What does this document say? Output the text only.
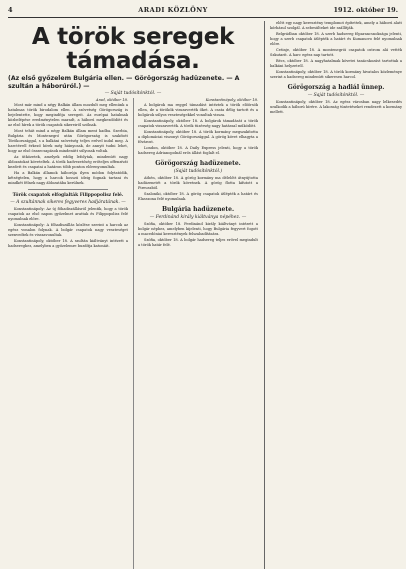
4	ARADI KÖZLÖNY	1912. október 19.
A török seregek támadása.
(Az első győzelem Bulgária ellen. — Görögország hadüzenete. — A szultán a háborúról.) —
— Saját tudósítónktól. —
Arad, október 18.

Most már mind a négy Balkán állam mozdult meg ellenünk a hatalmas török birodalom ellen. A szövetség Görögország is bejelentette, hogy megindítja seregeit. Az európai hatalmak közbelépése eredménytelen maradt, a háború megkezdődött és az első hírek a török csapatok sikereiről szólnak.

Most tehát mind a négy Balkán állam ment hadba. Szerbia, Bulgária és Montenegró után Görögország is szakított Törökországgal, s a balkáni szövetség teljes erővel indul meg. A harctérről érkező hírek még hiányosak, de annyit tudni lehet, hogy az első összecsapások mindenütt súlyosak voltak.

Az ütközetek, amelyek eddig lefolytak, mindenütt nagy áldozatokat követeltek. A török hadvezetőség erőteljes offenzívát kezdett és csapatai a határon több ponton előrenyomultak.

Ha a Balkán államok háborúja ilyen módon folytatódik, kétségtelen, hogy a harcok hosszú ideig fognak tartani és mindkét félnek nagy áldozatába kerülnek.

Török csapatok elfoglalták Filippopolisz felé.
— A szultánnak sikeres fegyveres hadjáratának. —

Konstantinápoly: Az új főhadiszállásról jelentik, hogy a török csapatok az első napon győzelmet arattak és Filippopolisz felé nyomulnak előre.

Konstantinápoly: A főhadiszállás közlése szerint a harcok az egész vonalon folynak. A bolgár csapatok nagy veszteséget szenvedtek és visszavonultak.

Konstantinápoly, október 18. A szultán kiáltványt intézett a hadsereghez, amelyben a győzelemre buzdítja katonáit.

Konstantinápoly, október 18.

A bolgárok ma reggel támadást intéztek a török előőrsök ellen, de a törökök visszaverték őket. A csata délig tartott és a bolgárok súlyos veszteségekkel vonultak vissza.

Konstantinápoly, október 18. A bolgárok támadását a török csapatok visszaverték. A török tüzérség nagy hatással működött.

Konstantinápoly, október 18. A török kormány megszakította a diplomáciai viszonyt Görögországgal. A görög követ elhagyta a fővárost.

London, október 18. A Daily Express jelenti, hogy a török hadsereg Adrianopolnál erős állást foglalt el.

Görögország hadüzenete.
(Saját tudósítónktól.)

Athén, október 18. A görög kormány ma délelőtt átnyújtotta hadüzenetét a török követnek. A görög flotta kifutott a Pireuszból.

Szaloniki, október 18. A görög csapatok átlépték a határt és Elasszona felé nyomulnak.

Bulgária hadüzenete.
— Ferdinánd király kiáltványa népéhez. —

Szófia, október 18. Ferdinánd király kiáltványt intézett a bolgár néphez, amelyben kijelenti, hogy Bulgária fegyvert fogott a macedóniai keresztények felszabadítására.

Szófia, október 18. A bolgár hadsereg teljes erővel megindult a török határ felé.

előtt egy nagy keresztény templomot építettek, amely a háború alatt kórházul szolgál. A sebesülteket ide szállítják.

Belgrádban október 18. A szerb hadsereg főparancsnoksága jelenti, hogy a szerb csapatok átlépték a határt és Kumanovo felé nyomulnak előre.

Cetinje, október 18. A montenegrói csapatok ostrom alá vették Szkutarit. A harc egész nap tartott.

Bécs, október 18. A nagyhatalmak követei tanácskozást tartottak a balkáni helyzetről.

Konstantinápoly, október 18. A török kormány hivatalos közleménye szerint a hadsereg mindenütt sikeresen harcol.

Görögország a hadiál ünnep.
— Saját tudósítónktól. —

Konstantinápoly, október 18. Az egész városban nagy lelkesedés uralkodik a háború hírére. A lakosság tüntetéseket rendezett a kormány mellett.
